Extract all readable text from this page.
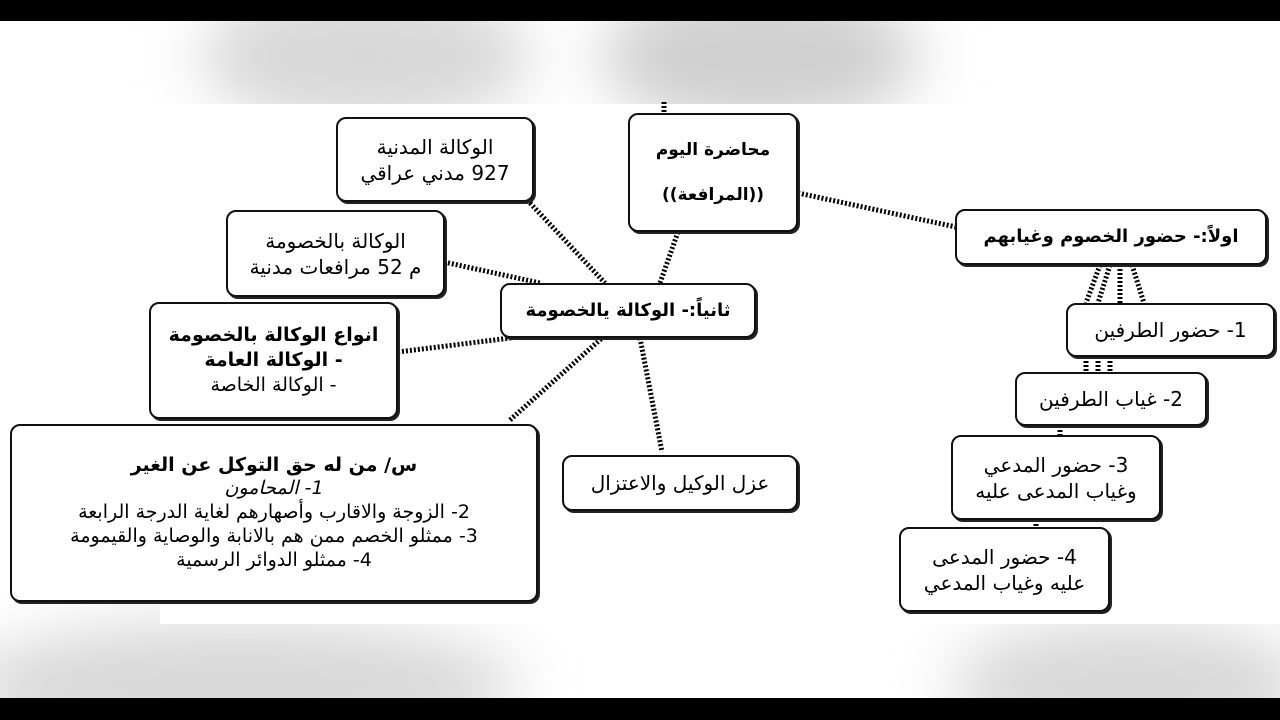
محاضرة اليوم
((المرافعة))
اولاً:- حضور الخصوم وغيابهم
1- حضور الطرفين
2- غياب الطرفين
3- حضور المدعي
وغياب المدعى عليه
4- حضور المدعى
عليه وغياب المدعي
ثانياً:- الوكالة يالخصومة
الوكالة المدنية
927 مدني عراقي
الوكالة بالخصومة
م 52 مرافعات مدنية
انواع الوكالة بالخصومة
- الوكالة العامة
- الوكالة الخاصة
س/ من له حق التوكل عن الغير
1- المحامون
2- الزوجة والاقارب وأصهارهم لغاية الدرجة الرابعة
3- ممثلو الخصم ممن هم بالانابة والوصاية والقيمومة
4- ممثلو الدوائر الرسمية
عزل الوكيل والاعتزال
